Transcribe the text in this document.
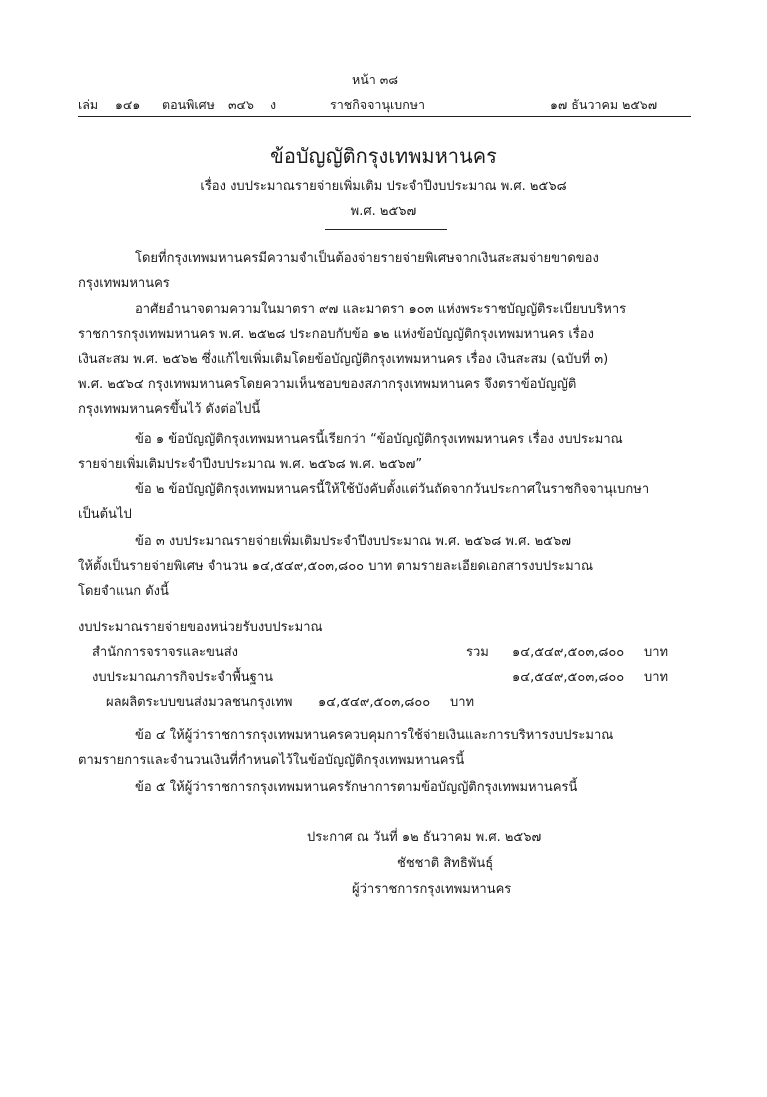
หน้า ๓๘
เล่ม ๑๔๑ ตอนพิเศษ ๓๔๖ ง	ราชกิจจานุเบกษา	๑๗ ธันวาคม ๒๕๖๗
ข้อบัญญัติกรุงเทพมหานคร
เรื่อง งบประมาณรายจ่ายเพิ่มเติม ประจำปีงบประมาณ พ.ศ. ๒๕๖๘
พ.ศ. ๒๕๖๗
โดยที่กรุงเทพมหานครมีความจำเป็นต้องจ่ายรายจ่ายพิเศษจากเงินสะสมจ่ายขาดของ
กรุงเทพมหานคร
อาศัยอำนาจตามความในมาตรา ๙๗ และมาตรา ๑๐๓ แห่งพระราชบัญญัติระเบียบบริหาร
ราชการกรุงเทพมหานคร พ.ศ. ๒๕๒๘ ประกอบกับข้อ ๑๒ แห่งข้อบัญญัติกรุงเทพมหานคร เรื่อง
เงินสะสม พ.ศ. ๒๕๖๒ ซึ่งแก้ไขเพิ่มเติมโดยข้อบัญญัติกรุงเทพมหานคร เรื่อง เงินสะสม (ฉบับที่ ๓)
พ.ศ. ๒๕๖๔ กรุงเทพมหานครโดยความเห็นชอบของสภากรุงเทพมหานคร จึงตราข้อบัญญัติ
กรุงเทพมหานครขึ้นไว้ ดังต่อไปนี้
ข้อ ๑ ข้อบัญญัติกรุงเทพมหานครนี้เรียกว่า “ข้อบัญญัติกรุงเทพมหานคร เรื่อง งบประมาณ
รายจ่ายเพิ่มเติมประจำปีงบประมาณ พ.ศ. ๒๕๖๘ พ.ศ. ๒๕๖๗”
ข้อ ๒ ข้อบัญญัติกรุงเทพมหานครนี้ให้ใช้บังคับตั้งแต่วันถัดจากวันประกาศในราชกิจจานุเบกษา
เป็นต้นไป
ข้อ ๓ งบประมาณรายจ่ายเพิ่มเติมประจำปีงบประมาณ พ.ศ. ๒๕๖๘ พ.ศ. ๒๕๖๗
ให้ตั้งเป็นรายจ่ายพิเศษ จำนวน ๑๔,๕๔๙,๕๐๓,๘๐๐ บาท ตามรายละเอียดเอกสารงบประมาณ
โดยจำแนก ดังนี้
งบประมาณรายจ่ายของหน่วยรับงบประมาณ
สำนักการจราจรและขนส่ง	รวม ๑๔,๕๔๙,๕๐๓,๘๐๐ บาท
งบประมาณภารกิจประจำพื้นฐาน	๑๔,๕๔๙,๕๐๓,๘๐๐ บาท
ผลผลิตระบบขนส่งมวลชนกรุงเทพ ๑๔,๕๔๙,๕๐๓,๘๐๐ บาท
ข้อ ๔ ให้ผู้ว่าราชการกรุงเทพมหานครควบคุมการใช้จ่ายเงินและการบริหารงบประมาณ
ตามรายการและจำนวนเงินที่กำหนดไว้ในข้อบัญญัติกรุงเทพมหานครนี้
ข้อ ๕ ให้ผู้ว่าราชการกรุงเทพมหานครรักษาการตามข้อบัญญัติกรุงเทพมหานครนี้
ประกาศ ณ วันที่ ๑๒ ธันวาคม พ.ศ. ๒๕๖๗
ชัชชาติ สิทธิพันธุ์
ผู้ว่าราชการกรุงเทพมหานคร
